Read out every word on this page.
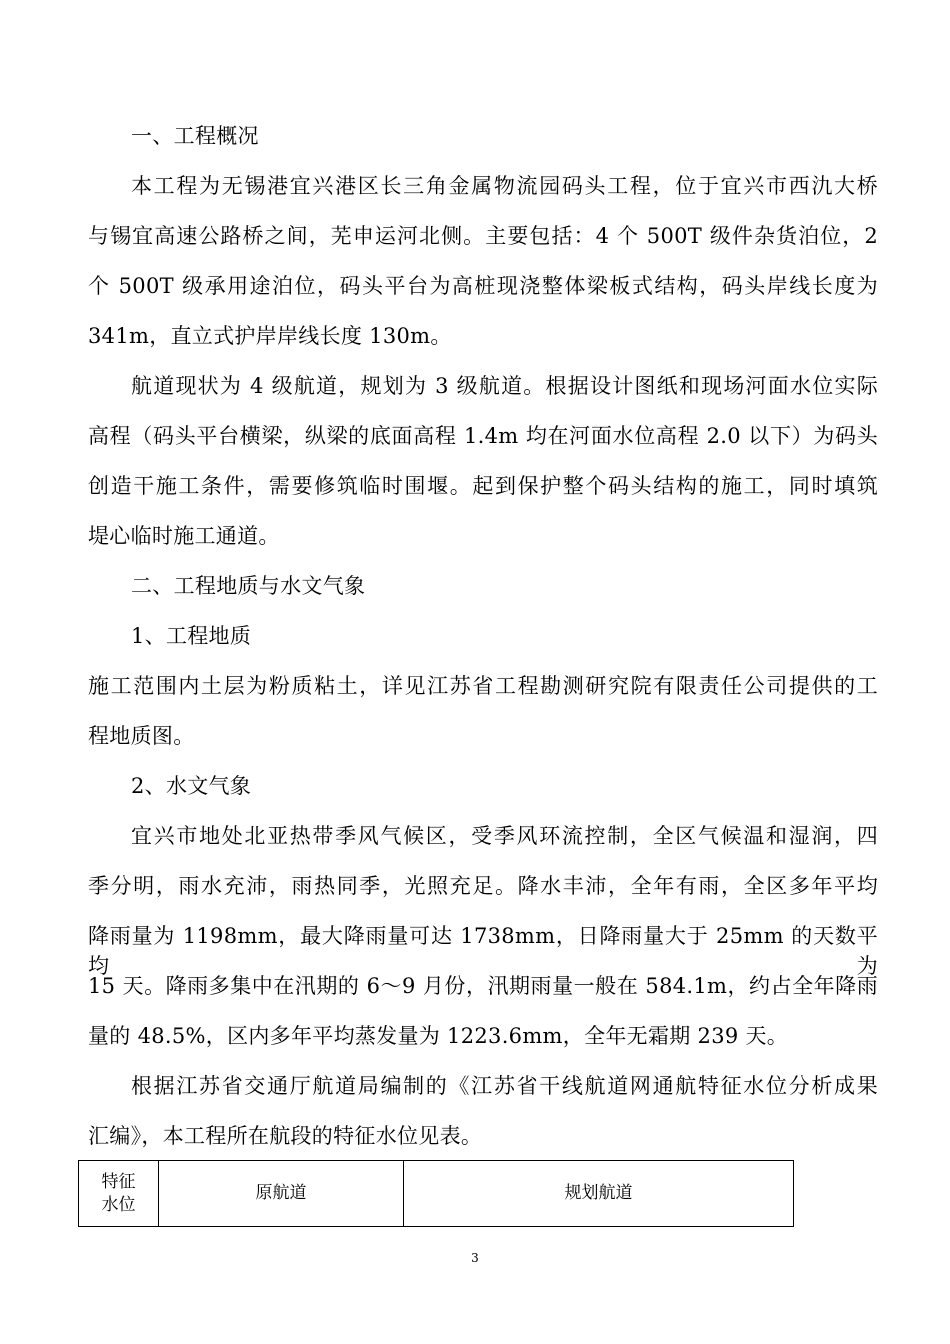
一、工程概况
本工程为无锡港宜兴港区长三角金属物流园码头工程，位于宜兴市西氿大桥
与锡宜高速公路桥之间，芜申运河北侧。主要包括：4 个 500T 级件杂货泊位，2
个 500T 级承用途泊位，码头平台为高桩现浇整体梁板式结构，码头岸线长度为
341m，直立式护岸岸线长度 130m。
航道现状为 4 级航道，规划为 3 级航道。根据设计图纸和现场河面水位实际
高程（码头平台横梁，纵梁的底面高程 1.4m 均在河面水位高程 2.0 以下）为码头
创造干施工条件，需要修筑临时围堰。起到保护整个码头结构的施工，同时填筑
堤心临时施工通道。
二、工程地质与水文气象
1、工程地质
施工范围内土层为粉质粘土，详见江苏省工程勘测研究院有限责任公司提供的工
程地质图。
2、水文气象
宜兴市地处北亚热带季风气候区，受季风环流控制，全区气候温和湿润，四
季分明，雨水充沛，雨热同季，光照充足。降水丰沛，全年有雨，全区多年平均
降雨量为 1198mm，最大降雨量可达 1738mm，日降雨量大于 25mm 的天数平均为
15 天。降雨多集中在汛期的 6～9 月份，汛期雨量一般在 584.1m，约占全年降雨
量的 48.5%，区内多年平均蒸发量为 1223.6mm，全年无霜期 239 天。
根据江苏省交通厅航道局编制的《江苏省干线航道网通航特征水位分析成果
汇编》，本工程所在航段的特征水位见表。
特征
水位
	原航道	规划航道
3
